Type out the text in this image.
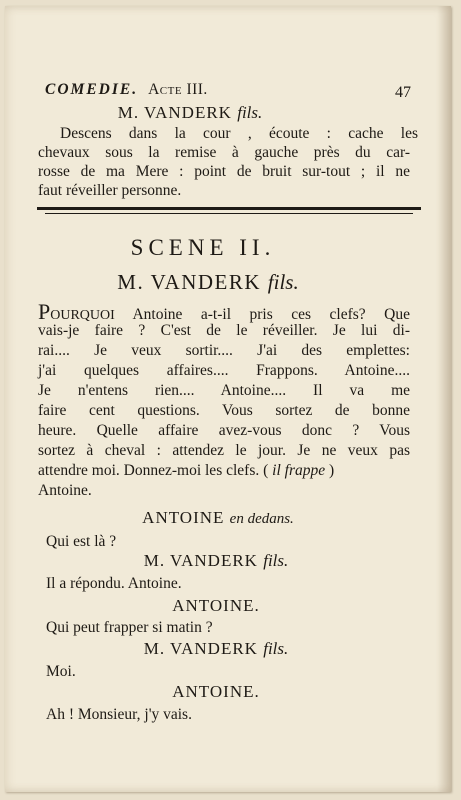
COMEDIE. Acte III.	47
M. VANDERK fils.
Descens dans la cour , écoute : cache les
chevaux sous la remise à gauche près du car-
rosse de ma Mere : point de bruit sur-tout ; il ne
faut réveiller personne.
SCENE II.
M. VANDERK fils.
POURQUOI Antoine a-t-il pris ces clefs? Que
vais-je faire ? C'est de le réveiller. Je lui di-
rai.... Je veux sortir.... J'ai des emplettes:
j'ai quelques affaires.... Frappons. Antoine....
Je n'entens rien.... Antoine.... Il va me
faire cent questions. Vous sortez de bonne
heure. Quelle affaire avez-vous donc ? Vous
sortez à cheval : attendez le jour. Je ne veux pas
attendre moi. Donnez-moi les clefs. ( il frappe )
Antoine.
ANTOINE en dedans.
Qui est là ?
M. VANDERK fils.
Il a répondu. Antoine.
ANTOINE.
Qui peut frapper si matin ?
M. VANDERK fils.
Moi.
ANTOINE.
Ah ! Monsieur, j'y vais.
